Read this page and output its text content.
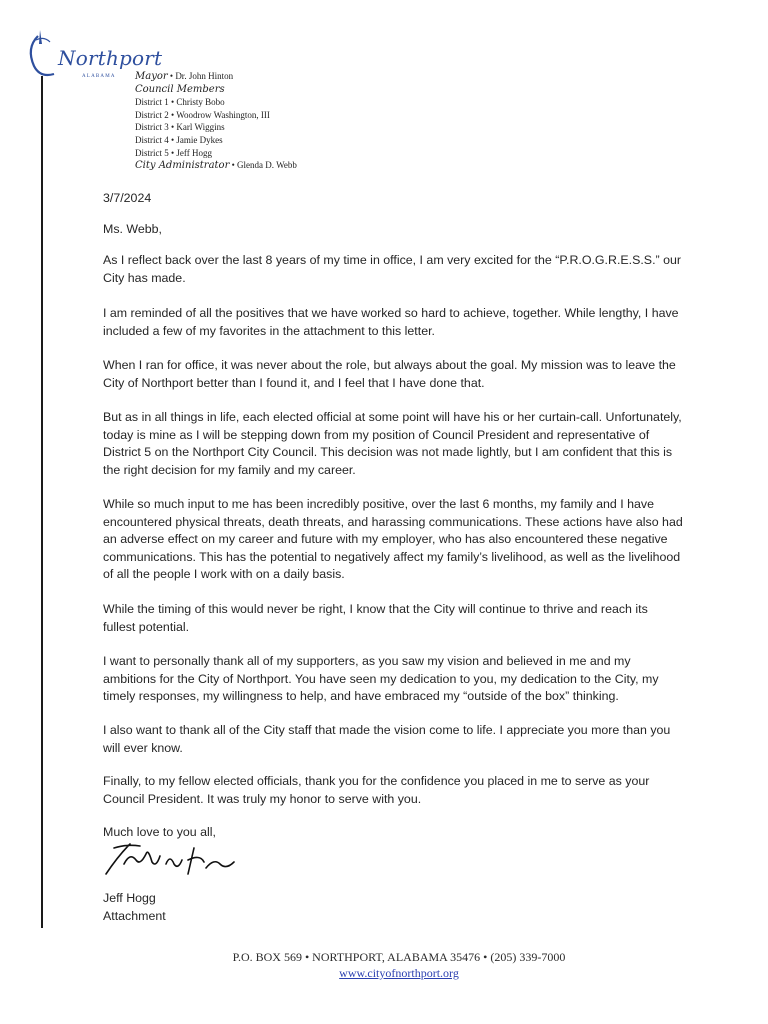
Northport
ALABAMA Mayor • Dr. John Hinton
Council Members
District 1 • Christy Bobo
District 2 • Woodrow Washington, III
District 3 • Karl Wiggins
District 4 • Jamie Dykes
District 5 • Jeff Hogg
City Administrator • Glenda D. Webb
3/7/2024
Ms. Webb,

As I reflect back over the last 8 years of my time in office, I am very excited for the “P.R.O.G.R.E.S.S.” our City has made.

I am reminded of all the positives that we have worked so hard to achieve, together. While lengthy, I have included a few of my favorites in the attachment to this letter.

When I ran for office, it was never about the role, but always about the goal. My mission was to leave the City of Northport better than I found it, and I feel that I have done that.

But as in all things in life, each elected official at some point will have his or her curtain-call. Unfortunately, today is mine as I will be stepping down from my position of Council President and representative of District 5 on the Northport City Council. This decision was not made lightly, but I am confident that this is the right decision for my family and my career.

While so much input to me has been incredibly positive, over the last 6 months, my family and I have encountered physical threats, death threats, and harassing communications. These actions have also had an adverse effect on my career and future with my employer, who has also encountered these negative communications. This has the potential to negatively affect my family’s livelihood, as well as the livelihood of all the people I work with on a daily basis.

While the timing of this would never be right, I know that the City will continue to thrive and reach its fullest potential.

I want to personally thank all of my supporters, as you saw my vision and believed in me and my ambitions for the City of Northport. You have seen my dedication to you, my dedication to the City, my timely responses, my willingness to help, and have embraced my “outside of the box” thinking.

I also want to thank all of the City staff that made the vision come to life. I appreciate you more than you will ever know.

Finally, to my fellow elected officials, thank you for the confidence you placed in me to serve as your Council President. It was truly my honor to serve with you.

Much love to you all,
Jeff Hogg
Attachment
P.O. BOX 569 • NORTHPORT, ALABAMA 35476 • (205) 339-7000
www.cityofnorthport.org
